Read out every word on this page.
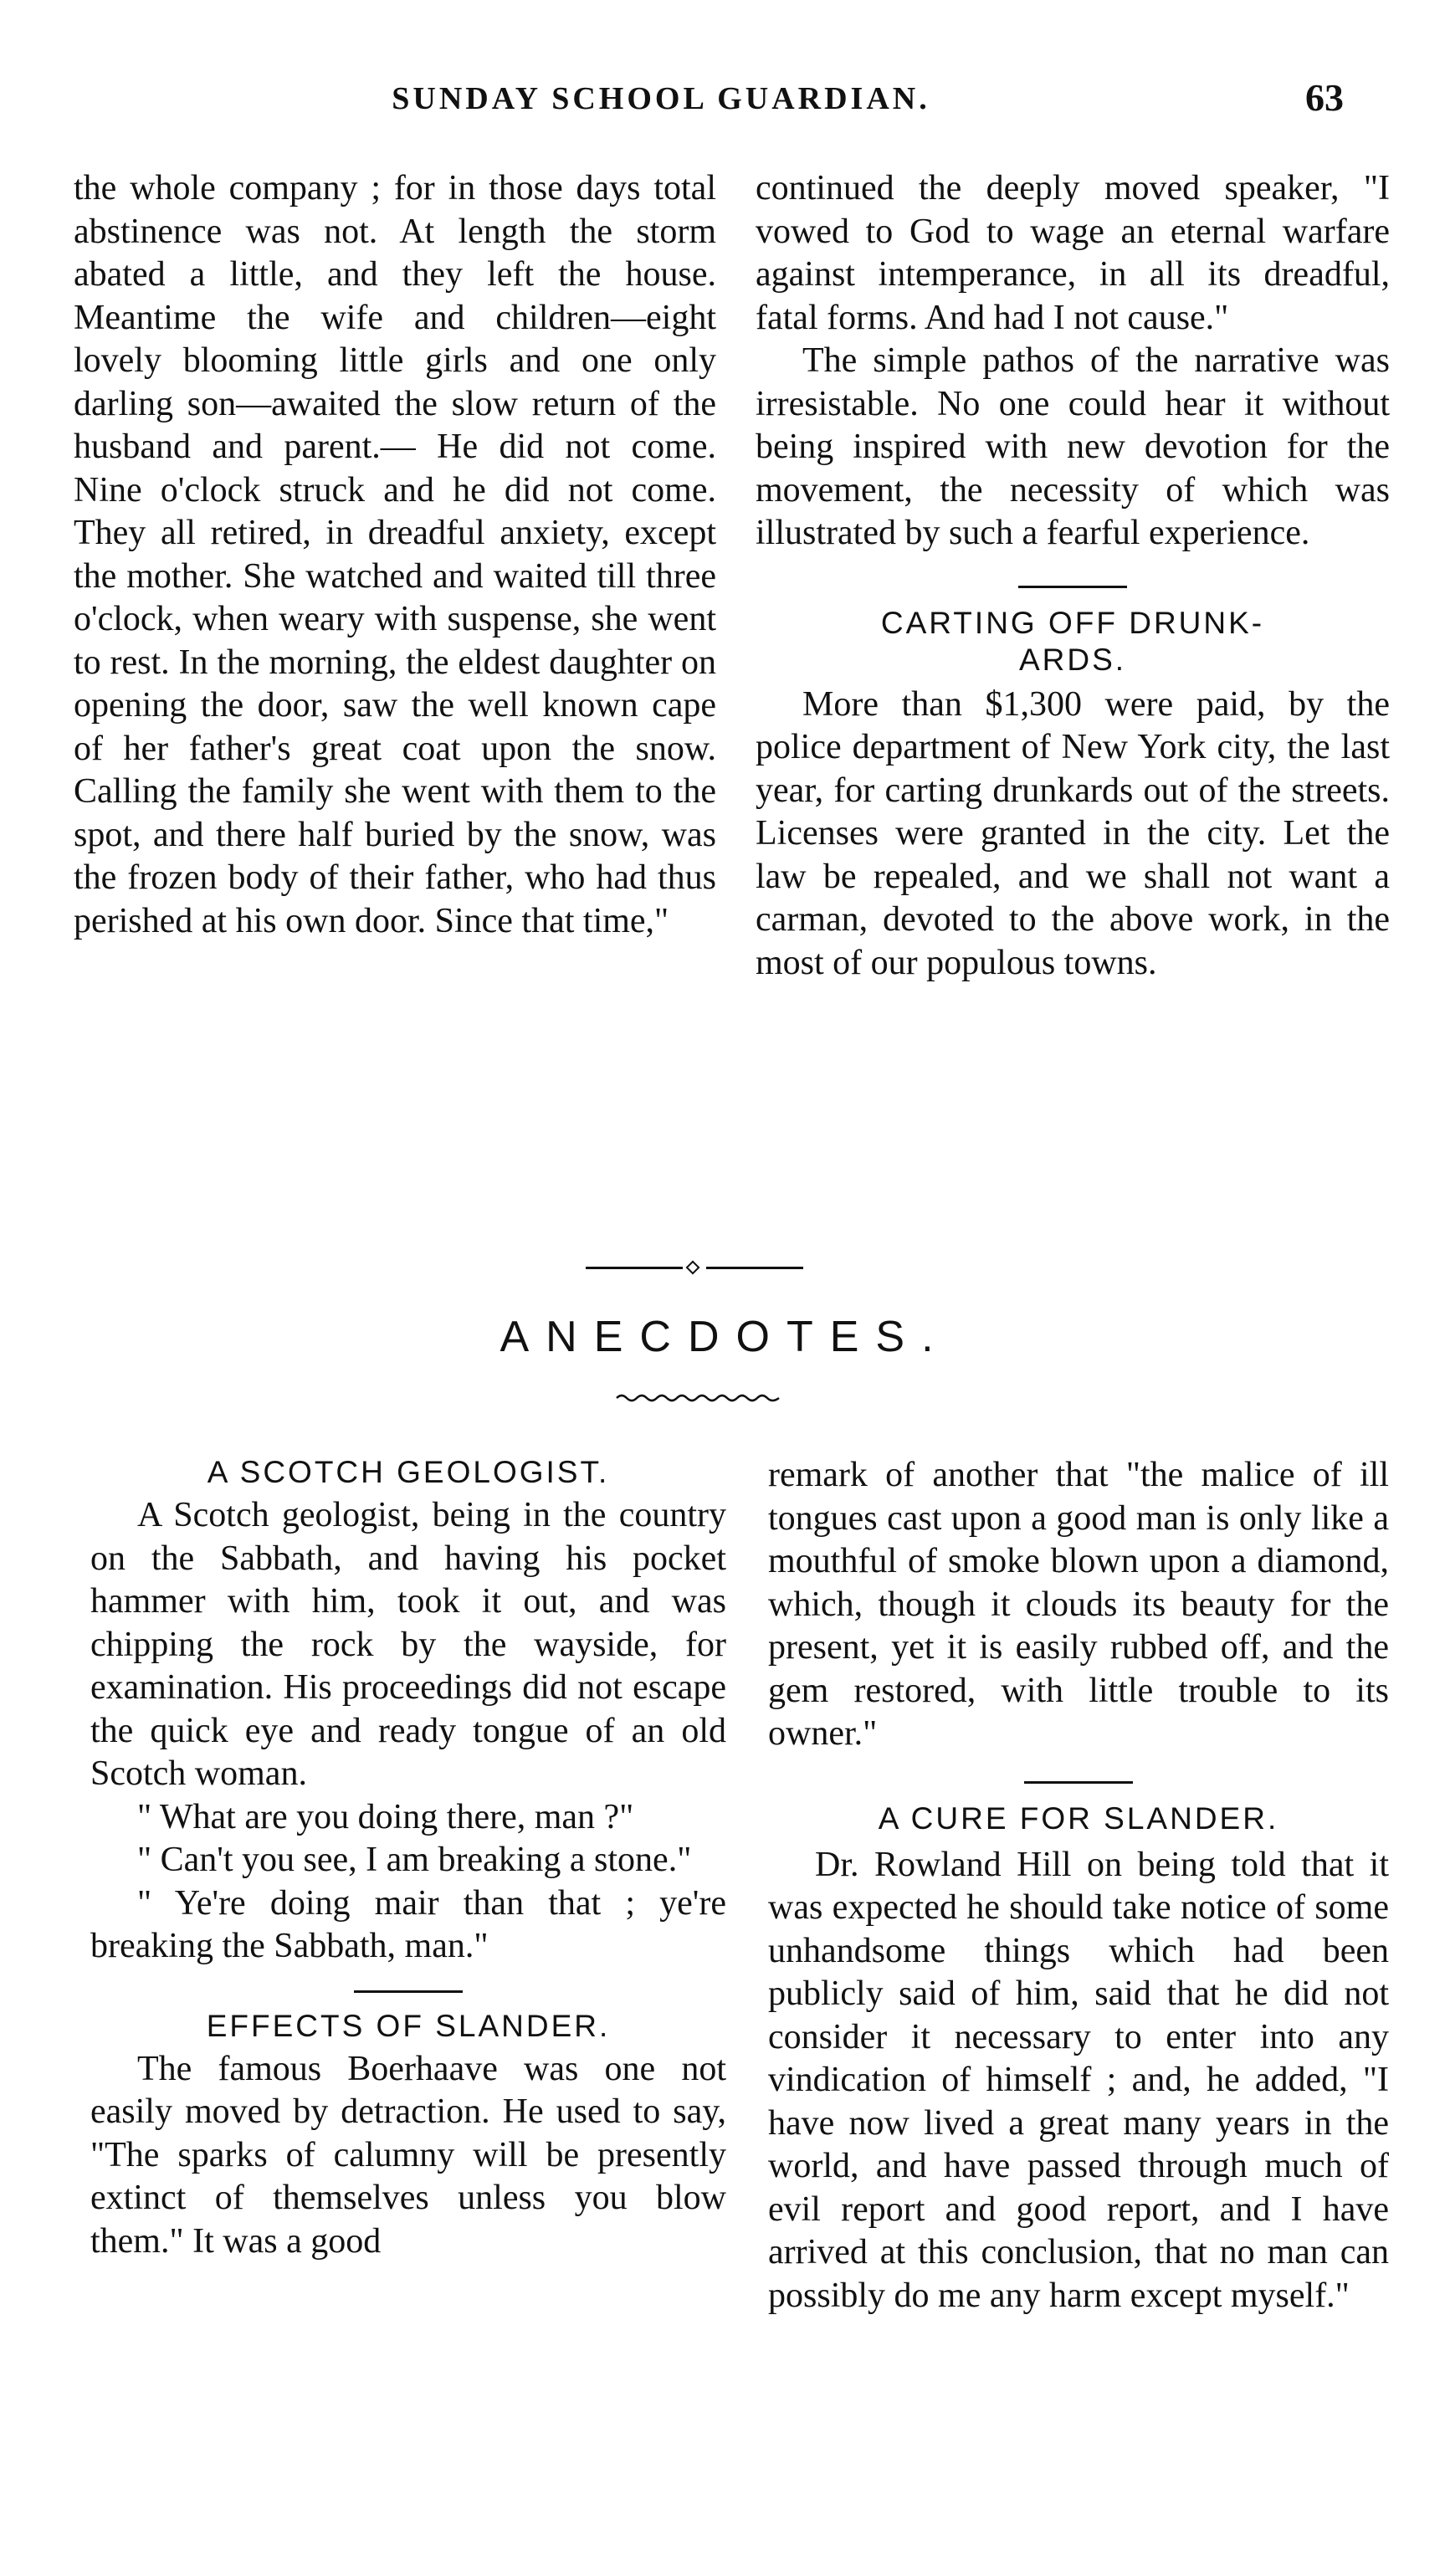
SUNDAY SCHOOL GUARDIAN.	63

the whole company ; for in those days total abstinence was not. At length the storm abated a little, and they left the house. Meantime the wife and children—eight lovely blooming little girls and one only darling son—awaited the slow return of the husband and parent.— He did not come. Nine o'clock struck and he did not come. They all retired, in dreadful anxiety, except the mother. She watched and waited till three o'clock, when weary with suspense, she went to rest. In the morning, the eldest daughter on opening the door, saw the well known cape of her father's great coat upon the snow. Calling the family she went with them to the spot, and there half buried by the snow, was the frozen body of their father, who had thus perished at his own door. Since that time,"

continued the deeply moved speaker, "I vowed to God to wage an eternal warfare against intemperance, in all its dreadful, fatal forms. And had I not cause."

The simple pathos of the narrative was irresistable. No one could hear it without being inspired with new devotion for the movement, the necessity of which was illustrated by such a fearful experience.

CARTING OFF DRUNK-
ARDS.

More than $1,300 were paid, by the police department of New York city, the last year, for carting drunkards out of the streets. Licenses were granted in the city. Let the law be repealed, and we shall not want a carman, devoted to the above work, in the most of our populous towns.

ANECDOTES.
A SCOTCH GEOLOGIST.

A Scotch geologist, being in the country on the Sabbath, and having his pocket hammer with him, took it out, and was chipping the rock by the wayside, for examination. His proceedings did not escape the quick eye and ready tongue of an old Scotch woman.

" What are you doing there, man ?"

" Can't you see, I am breaking a stone."

" Ye're doing mair than that ; ye're breaking the Sabbath, man."

EFFECTS OF SLANDER.

The famous Boerhaave was one not easily moved by detraction. He used to say, "The sparks of calumny will be presently extinct of themselves unless you blow them." It was a good

remark of another that "the malice of ill tongues cast upon a good man is only like a mouthful of smoke blown upon a diamond, which, though it clouds its beauty for the present, yet it is easily rubbed off, and the gem restored, with little trouble to its owner."

A CURE FOR SLANDER.

Dr. Rowland Hill on being told that it was expected he should take notice of some unhandsome things which had been publicly said of him, said that he did not consider it necessary to enter into any vindication of himself ; and, he added, "I have now lived a great many years in the world, and have passed through much of evil report and good report, and I have arrived at this conclusion, that no man can possibly do me any harm except myself."
